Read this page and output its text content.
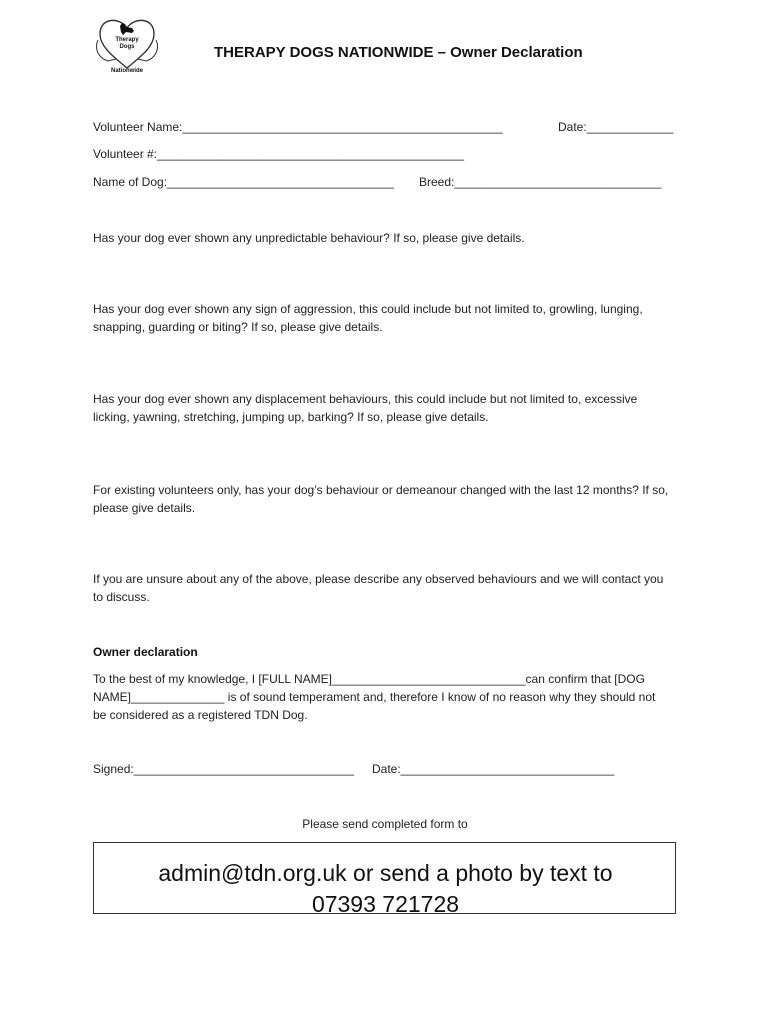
Therapy
Dogs
Nationwide
THERAPY DOGS NATIONWIDE – Owner Declaration
Volunteer Name:________________________________________________	Date:_____________
Volunteer #:______________________________________________
Name of Dog:__________________________________ Breed:_______________________________
Has your dog ever shown any unpredictable behaviour? If so, please give details.
Has your dog ever shown any sign of aggression, this could include but not limited to, growling, lunging, snapping, guarding or biting? If so, please give details.
Has your dog ever shown any displacement behaviours, this could include but not limited to, excessive licking, yawning, stretching, jumping up, barking? If so, please give details.
For existing volunteers only, has your dog’s behaviour or demeanour changed with the last 12 months? If so, please give details.
If you are unsure about any of the above, please describe any observed behaviours and we will contact you to discuss.
Owner declaration
To the best of my knowledge, I [FULL NAME]_____________________________can confirm that [DOG NAME]______________ is of sound temperament and, therefore I know of no reason why they should not be considered as a registered TDN Dog.
Signed:_________________________________ Date:________________________________
Please send completed form to
admin@tdn.org.uk or send a photo by text to
07393 721728
